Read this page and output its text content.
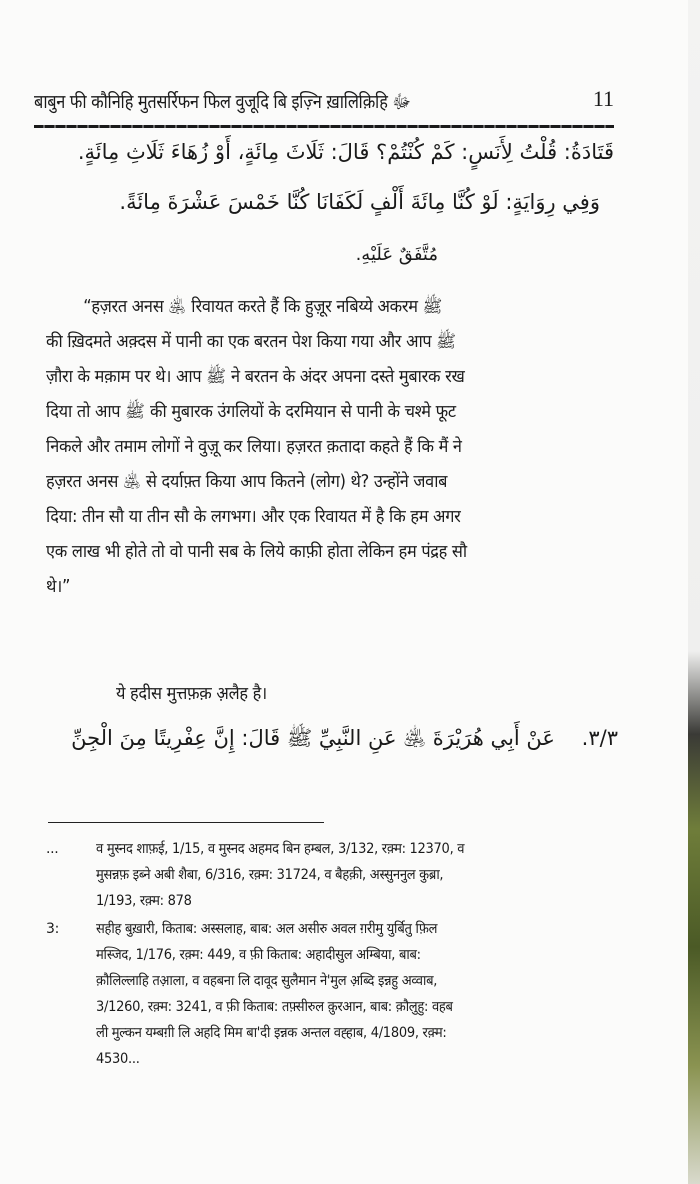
बाबुन फी कौनिहि मुतसर्रिफन फिल वुजूदि बि इज़्नि ख़ालिक़िहि ﷻ	11
قَتَادَةُ: قُلْتُ لِأَنَسٍ: كَمْ كُنْتُمْ؟ قَالَ: ثَلَاثَ مِائَةٍ، أَوْ زُهَاءَ ثَلَاثِ مِائَةٍ.
وَفِي رِوَايَةٍ: لَوْ كُنَّا مِائَةَ أَلْفٍ لَكَفَانَا كُنَّا خَمْسَ عَشْرَةَ مِائَةً.
مُتَّفَقٌ عَلَيْهِ.
“हज़रत अनस ﵁ रिवायत करते हैं कि हुज़ूर नबिय्ये अकरम ﷺ
की ख़िदमते अक़्दस में पानी का एक बरतन पेश किया गया और आप ﷺ
ज़ौरा के मक़ाम पर थे। आप ﷺ ने बरतन के अंदर अपना दस्ते मुबारक रख
दिया तो आप ﷺ की मुबारक उंगलियों के दरमियान से पानी के चश्मे फूट
निकले और तमाम लोगों ने वुज़ू कर लिया। हज़रत क़तादा कहते हैं कि मैं ने
हज़रत अनस ﵁ से दर्याफ़्त किया आप कितने (लोग) थे? उन्होंने जवाब
दिया: तीन सौ या तीन सौ के लगभग। और एक रिवायत में है कि हम अगर
एक लाख भी होते तो वो पानी सब के लिये काफ़ी होता लेकिन हम पंद्रह सौ
थे।”
ये हदीस मुत्तफ़क़ अ़लैह है।
٣/٣.    عَنْ أَبِي هُرَيْرَةَ ﵁ عَنِ النَّبِيِّ ﷺ قَالَ: إِنَّ عِفْرِيتًا مِنَ الْجِنِّ
...	व मुस्नद शाफ़ई, 1/15, व मुस्नद अहमद बिन हम्बल, 3/132, रक़्म: 12370, व
मुसन्नफ़ इब्ने अबी शैबा, 6/316, रक़्म: 31724, व बैहक़ी, अस्सुननुल कुब्रा,
1/193, रक़्म: 878
3:	सहीह बुख़ारी, किताब: अस्सलाह, बाब: अल असीरु अवल ग़रीमु युर्बितु फ़िल
मस्जिद, 1/176, रक़्म: 449, व फ़ी किताब: अहादीसुल अम्बिया, बाब:
क़ौलिल्लाहि तआ़ला, व वहबना लि दावूद सुलैमान ने'मुल अ़ब्दि इन्नहु अव्वाब,
3/1260, रक़्म: 3241, व फ़ी किताब: तफ़्सीरुल क़ुरआन, बाब: क़ौलुहु: वहब
ली मुल्कन यम्बग़ी लि अहदि मिम बा'दी इन्नक अन्तल वह्हाब, 4/1809, रक़्म:
4530...
